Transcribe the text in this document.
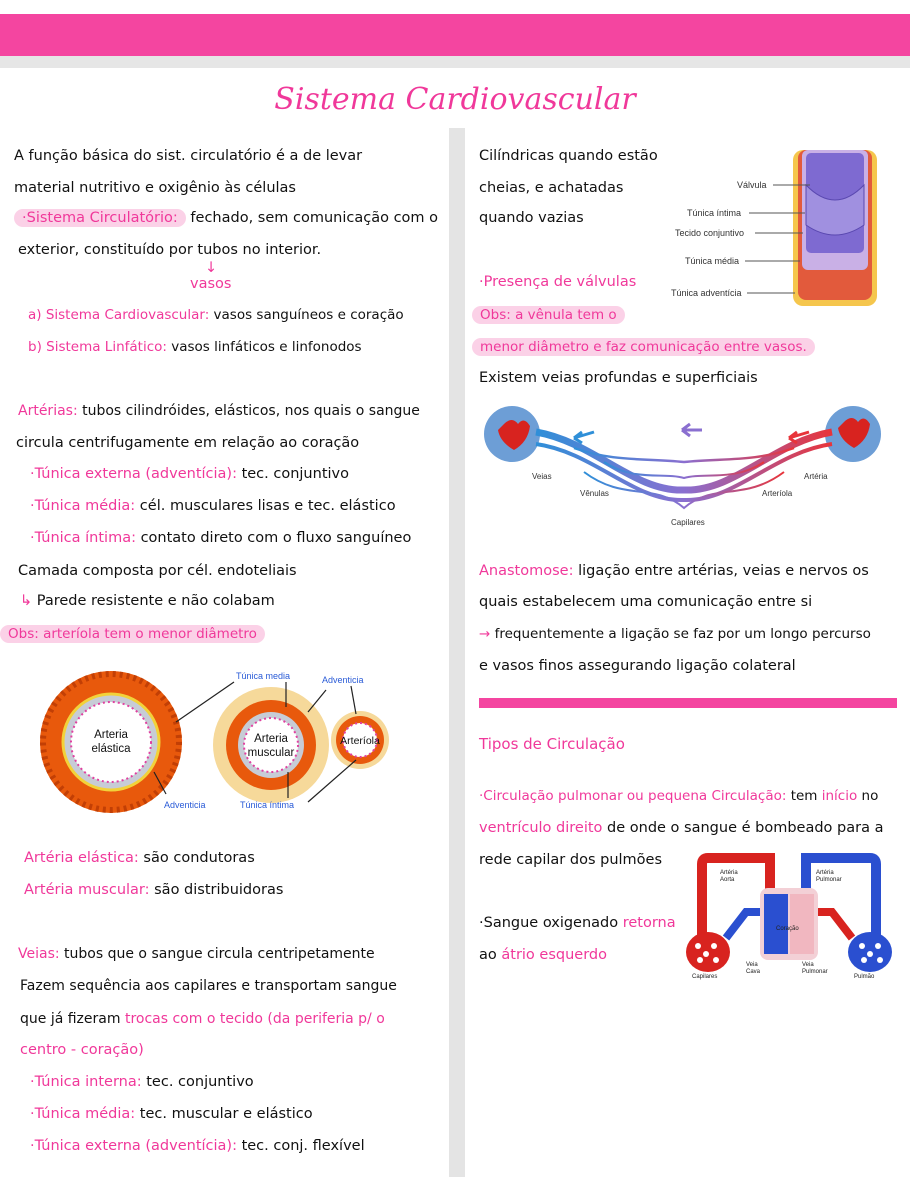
Sistema Cardiovascular
A função básica do sist. circulatório é a de levar
material nutritivo e oxigênio às células
·Sistema Circulatório: fechado, sem comunicação com o
exterior, constituído por tubos no interior.
↓
vasos
a) Sistema Cardiovascular: vasos sanguíneos e coração
b) Sistema Linfático: vasos linfáticos e linfonodos
Artérias: tubos cilindróides, elásticos, nos quais o sangue
circula centrifugamente em relação ao coração
·Túnica externa (adventícia): tec. conjuntivo
·Túnica média: cél. musculares lisas e tec. elástico
·Túnica íntima: contato direto com o fluxo sanguíneo
Camada composta por cél. endoteliais
↳ Parede resistente e não colabam
Obs: arteríola tem o menor diâmetro
Arteria
elástica
Arteria
muscular
Arteríola
Túnica media	Adventicia
Adventicia	Túnica íntima
Artéria elástica: são condutoras
Artéria muscular: são distribuidoras
Veias: tubos que o sangue circula centripetamente
Fazem sequência aos capilares e transportam sangue
que já fizeram trocas com o tecido (da periferia p/ o
centro - coração)
·Túnica interna: tec. conjuntivo
·Túnica média: tec. muscular e elástico
·Túnica externa (adventícia): tec. conj. flexível
Cilíndricas quando estão
cheias, e achatadas
quando vazias
Válvula
Túnica íntima
Tecido conjuntivo
Túnica média
Túnica adventícia
·Presença de válvulas
Obs: a vênula tem o
menor diâmetro e faz comunicação entre vasos.
Existem veias profundas e superficiais
Veias
Vênulas
Capilares
Arteríola
Artéria
Anastomose: ligação entre artérias, veias e nervos os
quais estabelecem uma comunicação entre si
→ frequentemente a ligação se faz por um longo percurso
e vasos finos assegurando ligação colateral
Tipos de Circulação
·Circulação pulmonar ou pequena Circulação: tem início no
ventrículo direito de onde o sangue é bombeado para a
rede capilar dos pulmões
·Sangue oxigenado retorna
ao átrio esquerdo
Artéria
Aorta
Artéria
Pulmonar
Coração
Veia
Cava
Veia
Pulmonar
Capilares	Pulmão
